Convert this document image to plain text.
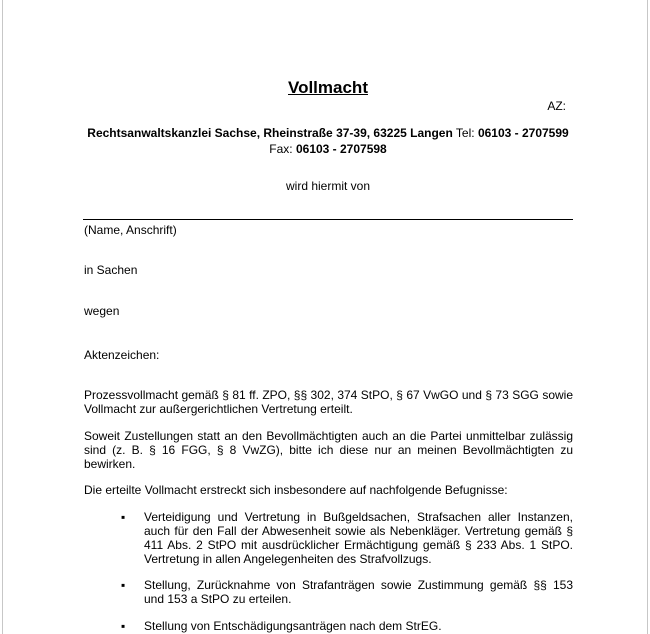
Vollmacht
AZ:
Rechtsanwaltskanzlei Sachse, Rheinstraße 37-39, 63225 Langen Tel: 06103 - 2707599
Fax: 06103 - 2707598
wird hiermit von
(Name, Anschrift)
in Sachen
wegen
Aktenzeichen:
Prozessvollmacht gemäß § 81 ff. ZPO, §§ 302, 374 StPO, § 67 VwGO und § 73 SGG sowie Vollmacht zur außergerichtlichen Vertretung erteilt.
Soweit Zustellungen statt an den Bevollmächtigten auch an die Partei unmittelbar zulässig sind (z. B. § 16 FGG, § 8 VwZG), bitte ich diese nur an meinen Bevollmächtigten zu bewirken.
Die erteilte Vollmacht erstreckt sich insbesondere auf nachfolgende Befugnisse:
▪ Verteidigung und Vertretung in Bußgeldsachen, Strafsachen aller Instanzen, auch für den Fall der Abwesenheit sowie als Nebenkläger. Vertretung gemäß § 411 Abs. 2 StPO mit ausdrücklicher Ermächtigung gemäß § 233 Abs. 1 StPO. Vertretung in allen Angelegenheiten des Strafvollzugs.
▪ Stellung, Zurücknahme von Strafanträgen sowie Zustimmung gemäß §§ 153 und 153 a StPO zu erteilen.
▪ Stellung von Entschädigungsanträgen nach dem StrEG.
